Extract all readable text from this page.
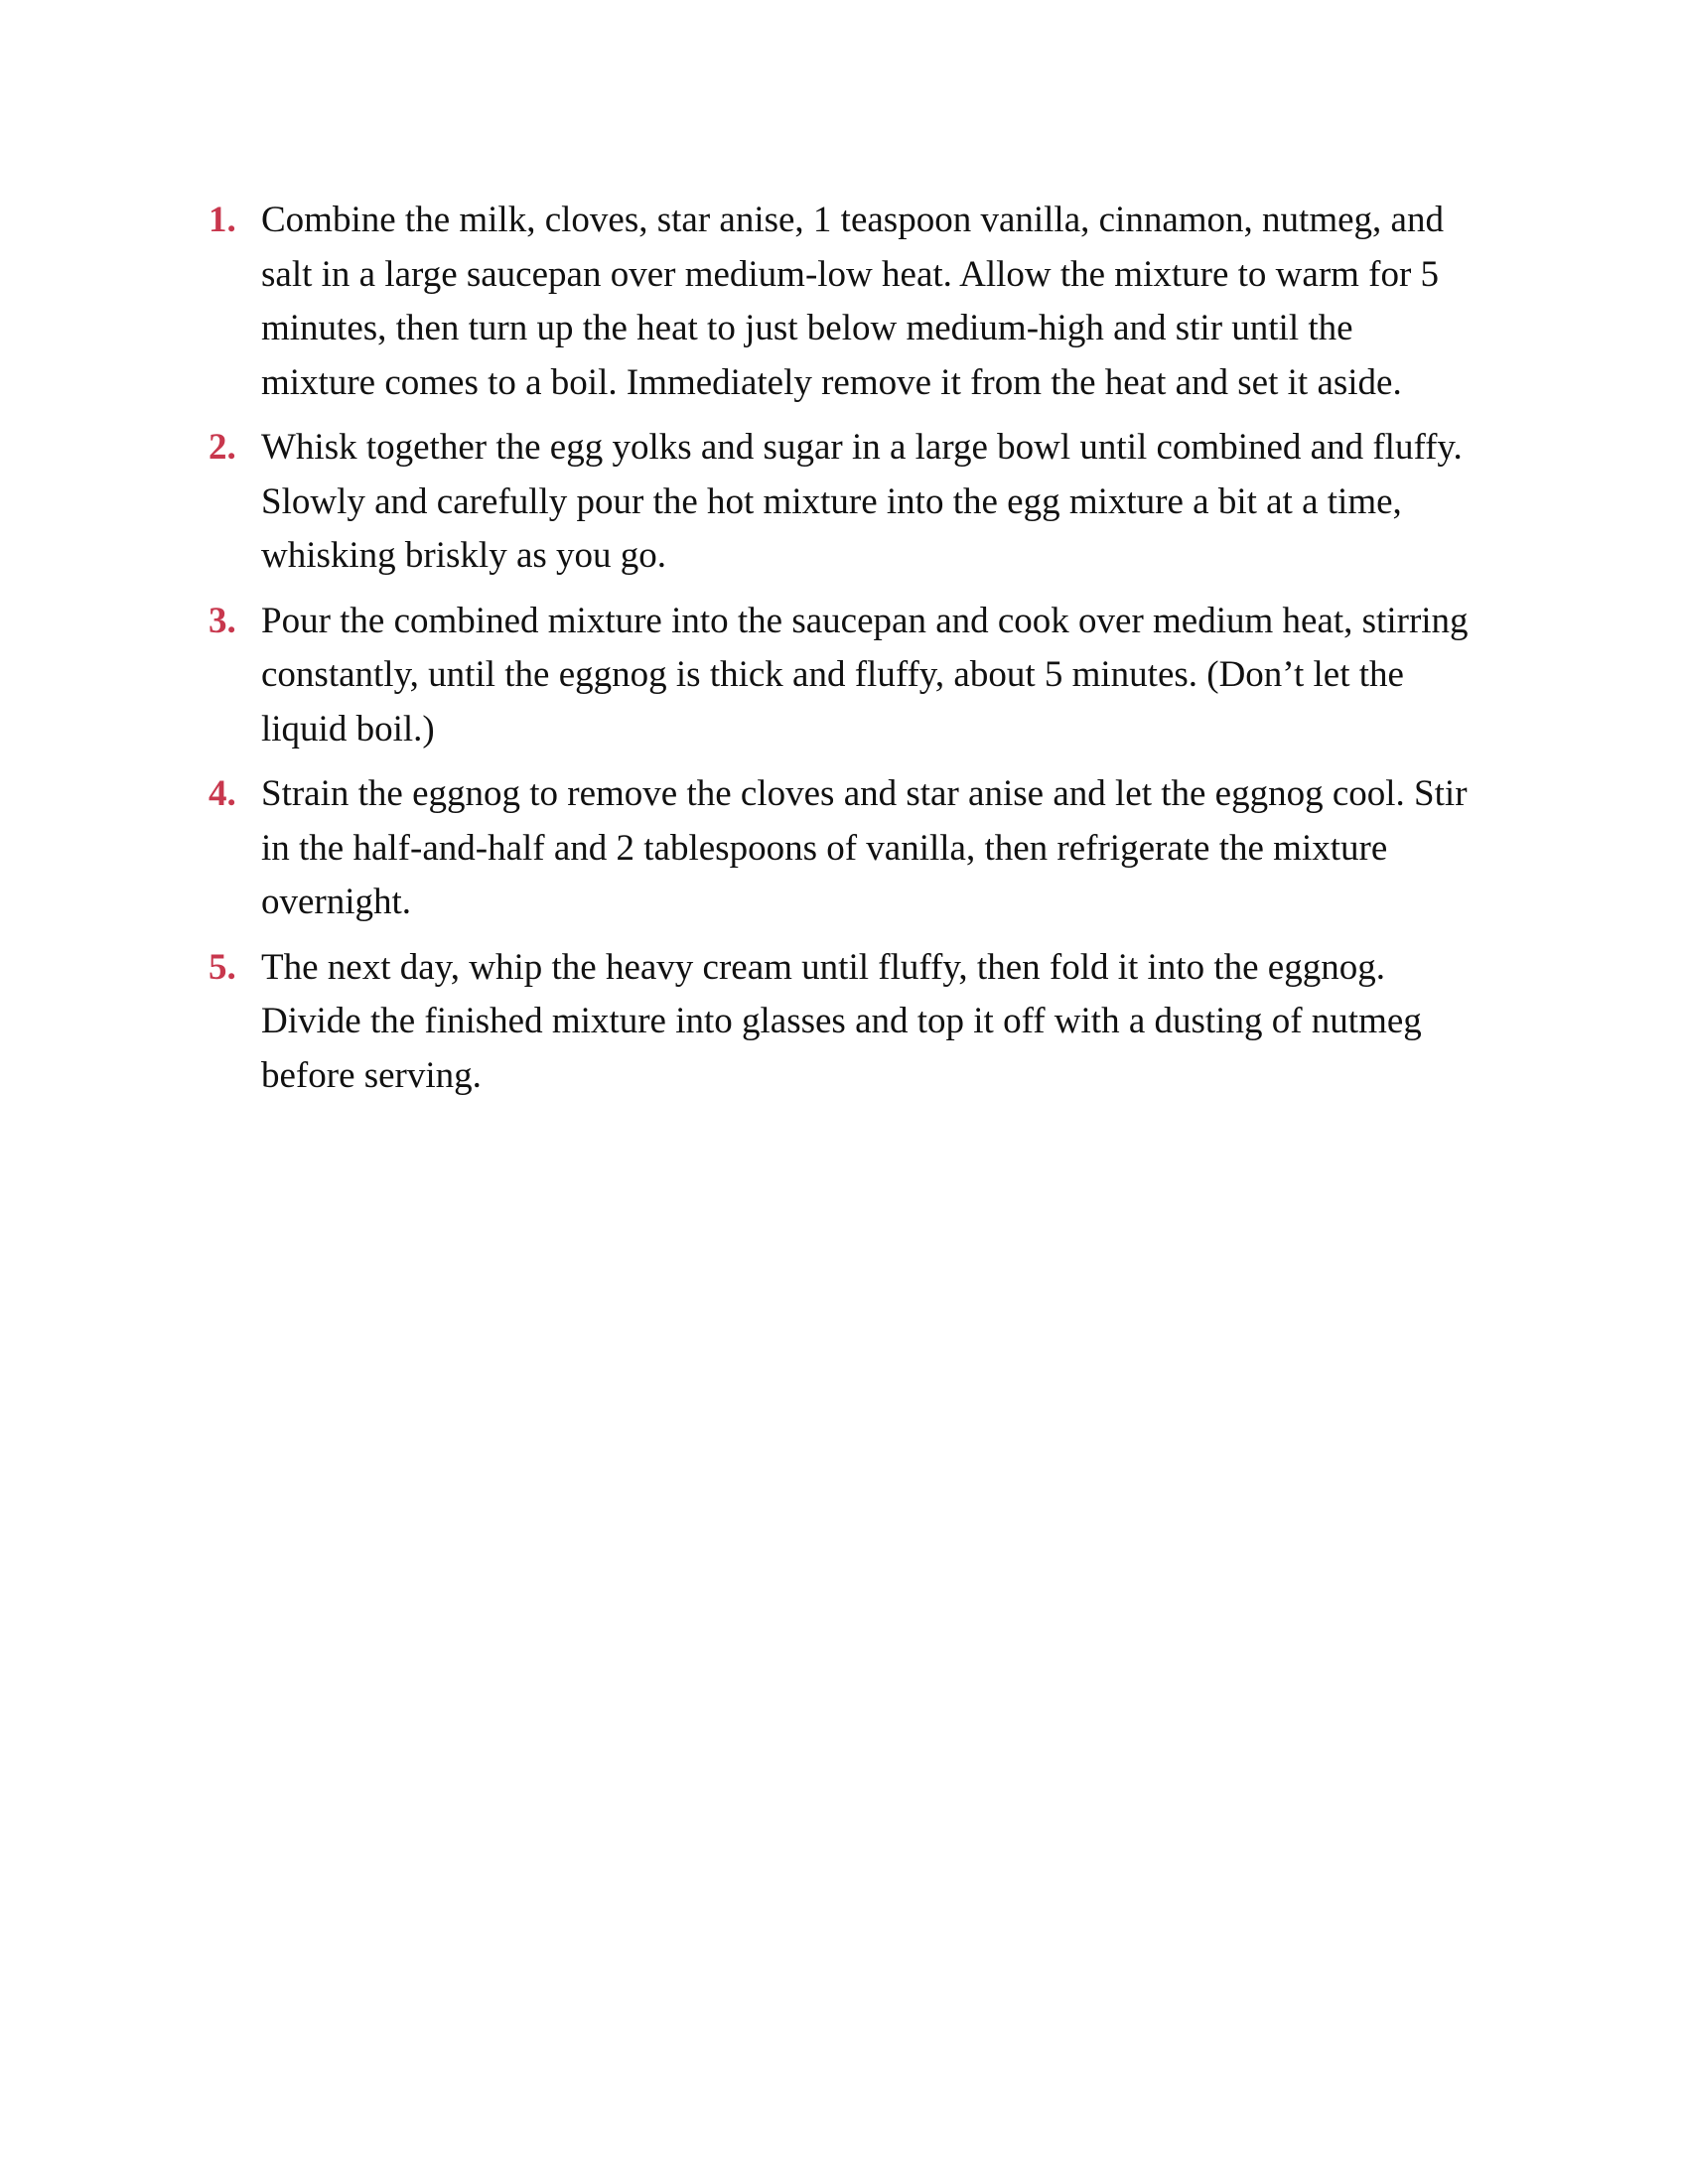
1. Combine the milk, cloves, star anise, 1 teaspoon vanilla, cinnamon, nutmeg, and salt in a large saucepan over medium-low heat. Allow the mixture to warm for 5 minutes, then turn up the heat to just below medium-high and stir until the mixture comes to a boil. Immediately remove it from the heat and set it aside.
2. Whisk together the egg yolks and sugar in a large bowl until combined and fluffy. Slowly and carefully pour the hot mixture into the egg mixture a bit at a time, whisking briskly as you go.
3. Pour the combined mixture into the saucepan and cook over medium heat, stirring constantly, until the eggnog is thick and fluffy, about 5 minutes. (Don’t let the liquid boil.)
4. Strain the eggnog to remove the cloves and star anise and let the eggnog cool. Stir in the half-and-half and 2 tablespoons of vanilla, then refrigerate the mixture overnight.
5. The next day, whip the heavy cream until fluffy, then fold it into the eggnog. Divide the finished mixture into glasses and top it off with a dusting of nutmeg before serving.
